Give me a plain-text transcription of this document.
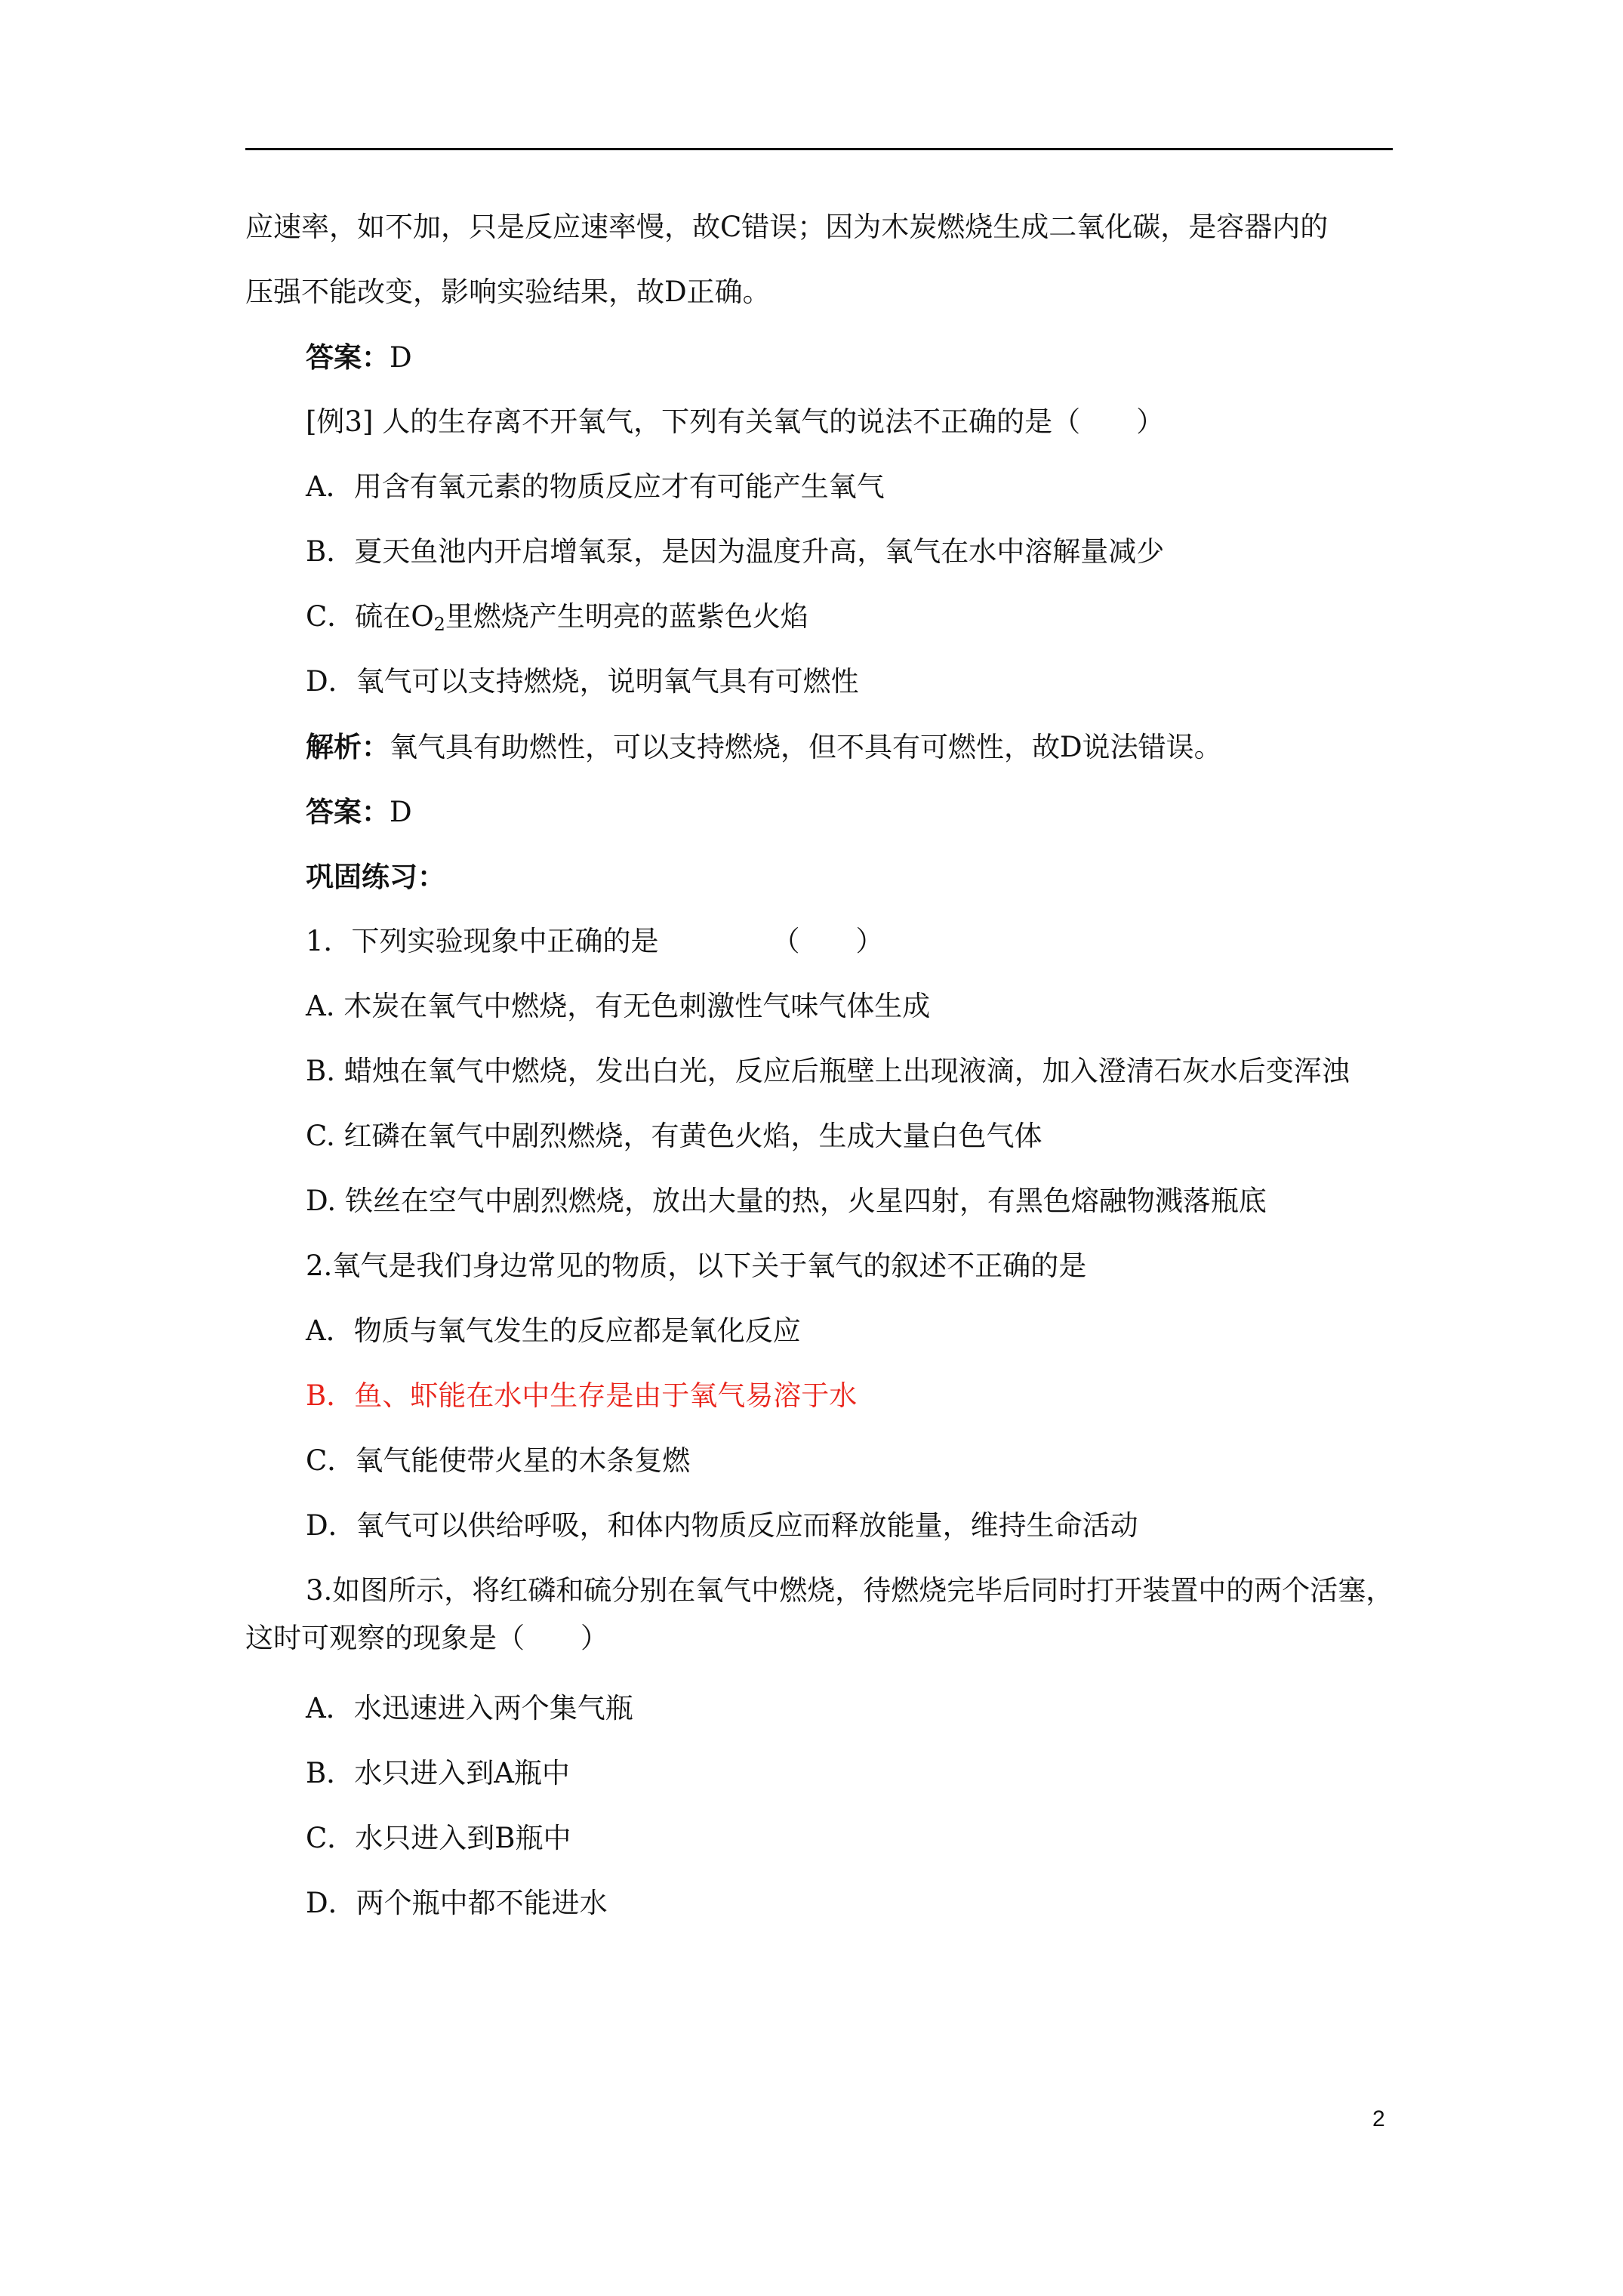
应速率，如不加，只是反应速率慢，故C错误；因为木炭燃烧生成二氧化碳，是容器内的
压强不能改变，影响实验结果，故D正确。
答案：D
[例3] 人的生存离不开氧气，下列有关氧气的说法不正确的是（　　）
A．用含有氧元素的物质反应才有可能产生氧气
B．夏天鱼池内开启增氧泵，是因为温度升高，氧气在水中溶解量减少
C．硫在$O_2$里燃烧产生明亮的蓝紫色火焰
D．氧气可以支持燃烧，说明氧气具有可燃性
解析：氧气具有助燃性，可以支持燃烧，但不具有可燃性，故D说法错误。
答案：D
巩固练习：
1．下列实验现象中正确的是	（　　）
A. 木炭在氧气中燃烧，有无色刺激性气味气体生成
B. 蜡烛在氧气中燃烧，发出白光，反应后瓶壁上出现液滴，加入澄清石灰水后变浑浊
C. 红磷在氧气中剧烈燃烧，有黄色火焰，生成大量白色气体
D. 铁丝在空气中剧烈燃烧，放出大量的热，火星四射，有黑色熔融物溅落瓶底
2.氧气是我们身边常见的物质，以下关于氧气的叙述不正确的是
A．物质与氧气发生的反应都是氧化反应
B．鱼、虾能在水中生存是由于氧气易溶于水
C．氧气能使带火星的木条复燃
D．氧气可以供给呼吸，和体内物质反应而释放能量，维持生命活动
3.如图所示，将红磷和硫分别在氧气中燃烧，待燃烧完毕后同时打开装置中的两个活塞，
这时可观察的现象是（　　）
A．水迅速进入两个集气瓶
B．水只进入到A瓶中
C．水只进入到B瓶中
D．两个瓶中都不能进水
2
